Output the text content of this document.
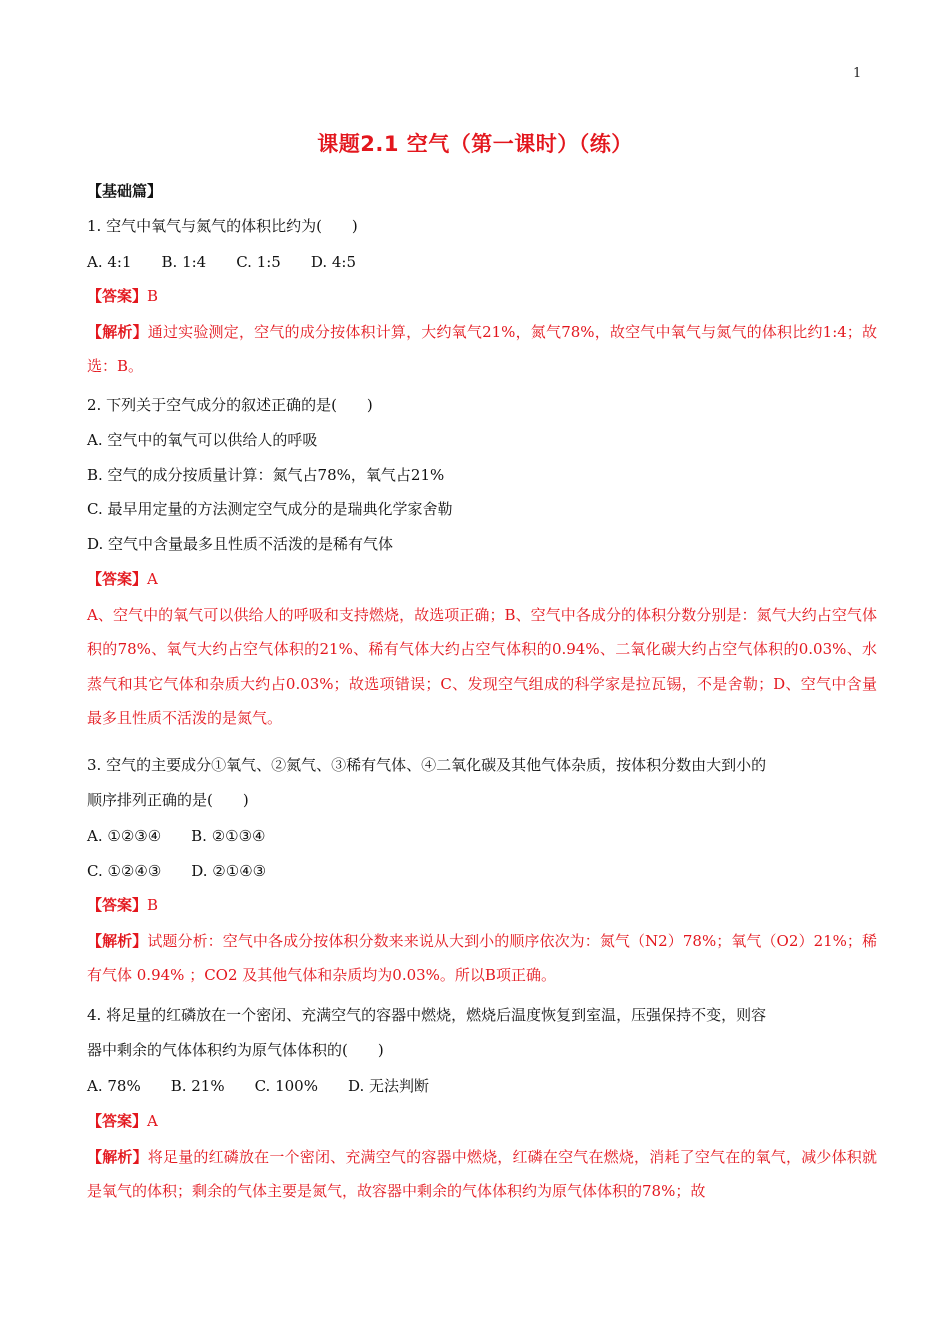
1
课题2.1 空气（第一课时）（练）
【基础篇】
1. 空气中氧气与氮气的体积比约为(　　)
A. 4:1　　B. 1:4　　C. 1:5　　D. 4:5
【答案】B
【解析】通过实验测定，空气的成分按体积计算，大约氧气21%，氮气78%，故空气中氧气与氮气的体积比约1:4；故选：B。
2. 下列关于空气成分的叙述正确的是(　　)
A. 空气中的氧气可以供给人的呼吸
B. 空气的成分按质量计算：氮气占78%，氧气占21%
C. 最早用定量的方法测定空气成分的是瑞典化学家舍勒
D. 空气中含量最多且性质不活泼的是稀有气体
【答案】A
A、空气中的氧气可以供给人的呼吸和支持燃烧，故选项正确；B、空气中各成分的体积分数分别是：氮气大约占空气体积的78%、氧气大约占空气体积的21%、稀有气体大约占空气体积的0.94%、二氧化碳大约占空气体积的0.03%、水蒸气和其它气体和杂质大约占0.03%；故选项错误；C、发现空气组成的科学家是拉瓦锡，不是舍勒；D、空气中含量最多且性质不活泼的是氮气。
3. 空气的主要成分①氧气、②氮气、③稀有气体、④二氧化碳及其他气体杂质，按体积分数由大到小的
顺序排列正确的是(　　)
A. ①②③④　　B. ②①③④
C. ①②④③　　D. ②①④③
【答案】B
【解析】试题分析：空气中各成分按体积分数来来说从大到小的顺序依次为：氮气（N2）78%；氧气（O2）21%；稀有气体 0.94% ；CO2 及其他气体和杂质均为0.03%。所以B项正确。
4. 将足量的红磷放在一个密闭、充满空气的容器中燃烧，燃烧后温度恢复到室温，压强保持不变，则容
器中剩余的气体体积约为原气体体积的(　　)
A. 78%　　B. 21%　　C. 100%　　D. 无法判断
【答案】A
【解析】将足量的红磷放在一个密闭、充满空气的容器中燃烧，红磷在空气在燃烧，消耗了空气在的氧气，减少体积就是氧气的体积；剩余的气体主要是氮气，故容器中剩余的气体体积约为原气体体积的78%；故
